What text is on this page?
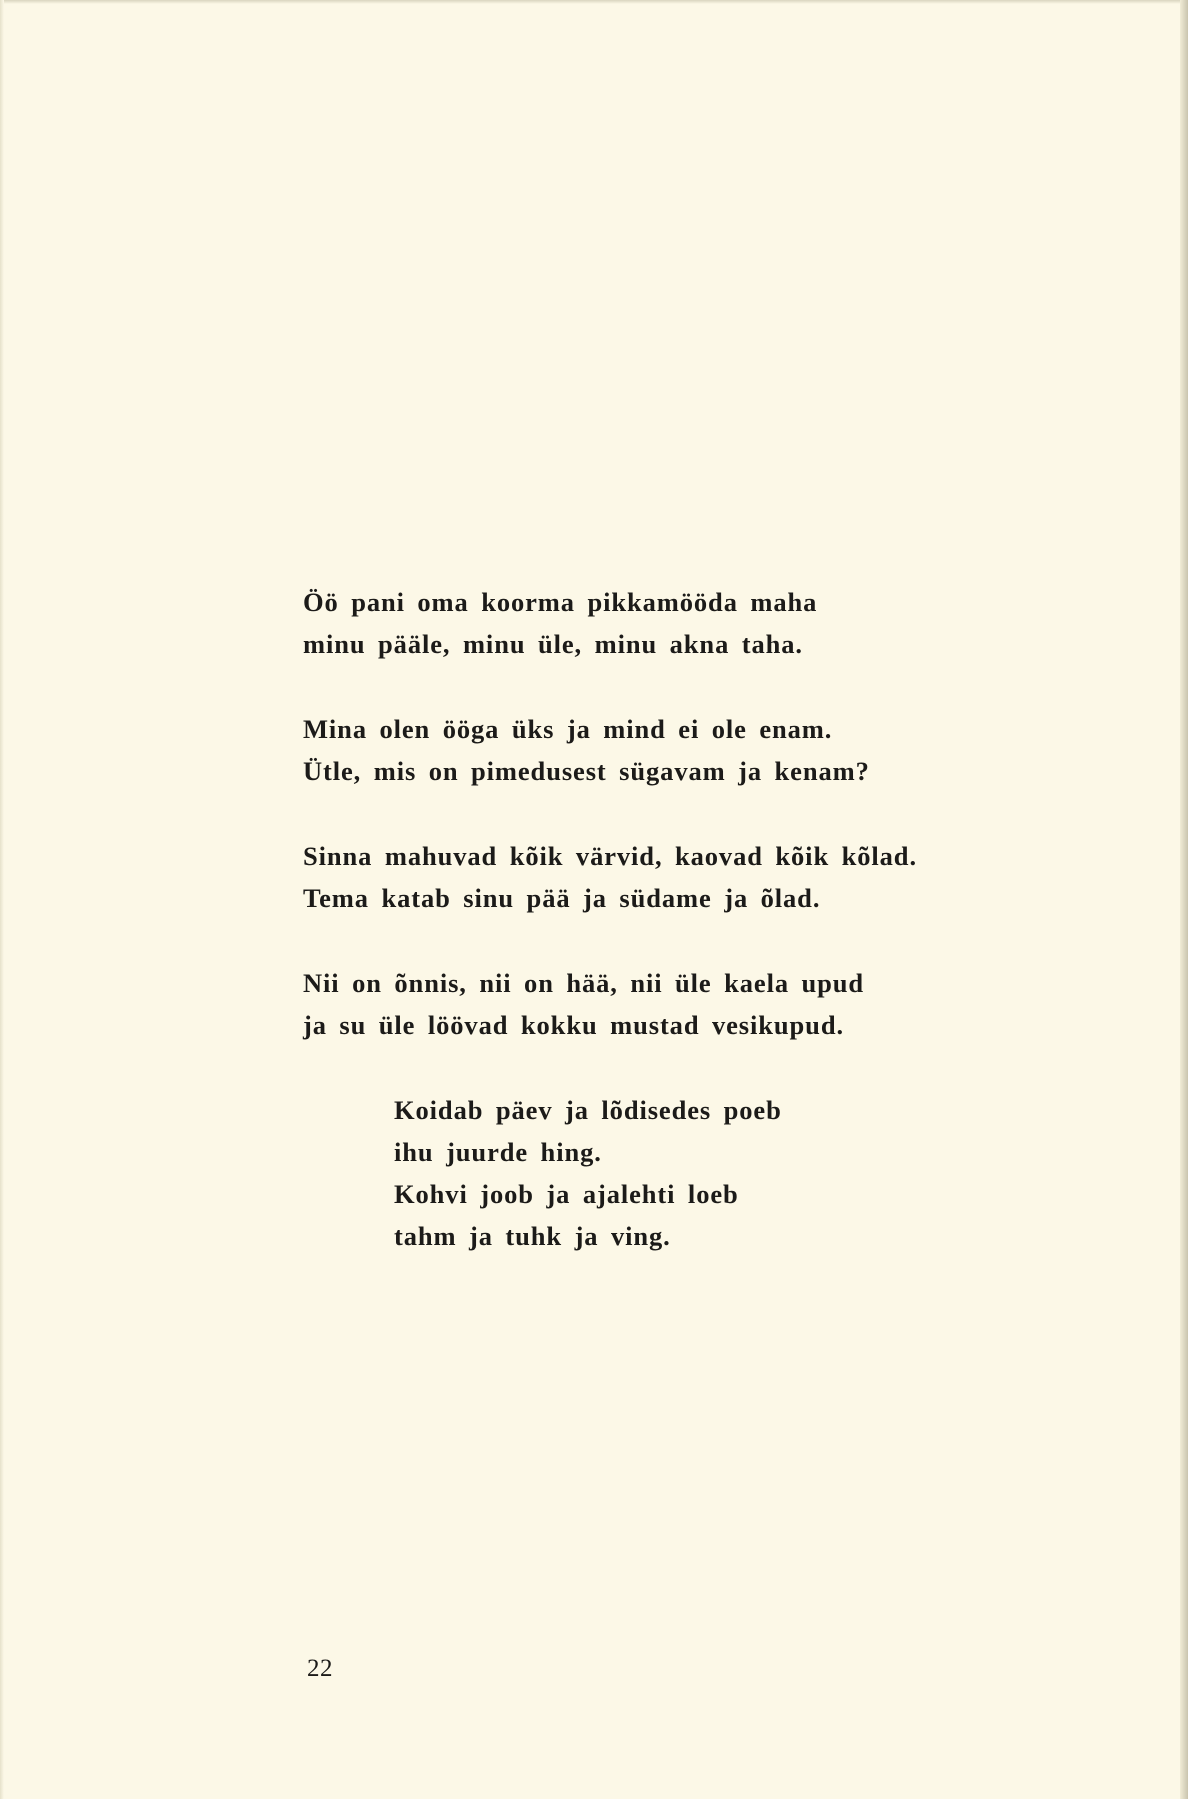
Öö pani oma koorma pikkamööda maha
minu pääle, minu üle, minu akna taha.
Mina olen ööga üks ja mind ei ole enam.
Ütle, mis on pimedusest sügavam ja kenam?
Sinna mahuvad kõik värvid, kaovad kõik kõlad.
Tema katab sinu pää ja südame ja õlad.
Nii on õnnis, nii on hää, nii üle kaela upud
ja su üle löövad kokku mustad vesikupud.
Koidab päev ja lõdisedes poeb
ihu juurde hing.
Kohvi joob ja ajalehti loeb
tahm ja tuhk ja ving.
22
